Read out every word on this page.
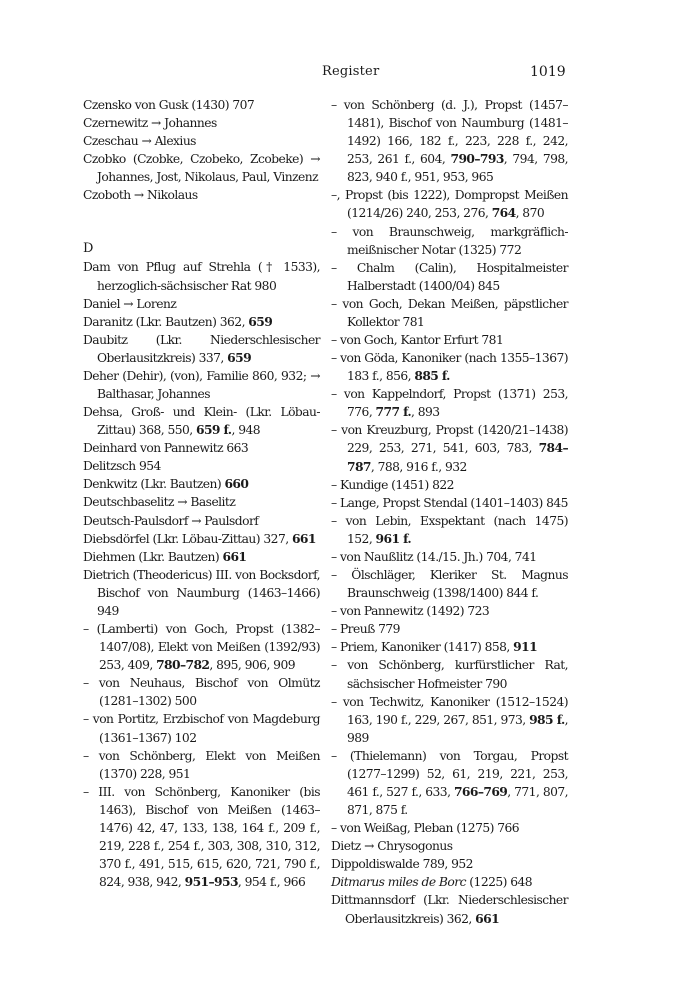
Register	1019
Czensko von Gusk (1430) 707
Czernewitz → Johannes
Czeschau → Alexius
Czobko (Czobke, Czobeko, Zcobeke) → Johannes, Jost, Nikolaus, Paul, Vinzenz
Czoboth → Nikolaus
D
Dam von Pflug auf Strehla († 1533), herzoglich-sächsischer Rat 980
Daniel → Lorenz
Daranitz (Lkr. Bautzen) 362, 659
Daubitz (Lkr. Niederschlesischer Oberlausitzkreis) 337, 659
Deher (Dehir), (von), Familie 860, 932; → Balthasar, Johannes
Dehsa, Groß- und Klein- (Lkr. Löbau-Zittau) 368, 550, 659 f., 948
Deinhard von Pannewitz 663
Delitzsch 954
Denkwitz (Lkr. Bautzen) 660
Deutschbaselitz → Baselitz
Deutsch-Paulsdorf → Paulsdorf
Diebsdörfel (Lkr. Löbau-Zittau) 327, 661
Diehmen (Lkr. Bautzen) 661
Dietrich (Theodericus) III. von Bocksdorf, Bischof von Naumburg (1463–1466) 949
– (Lamberti) von Goch, Propst (1382–1407/08), Elekt von Meißen (1392/93) 253, 409, 780–782, 895, 906, 909
– von Neuhaus, Bischof von Olmütz (1281–1302) 500
– von Portitz, Erzbischof von Magdeburg (1361–1367) 102
– von Schönberg, Elekt von Meißen (1370) 228, 951
– III. von Schönberg, Kanoniker (bis 1463), Bischof von Meißen (1463–1476) 42, 47, 133, 138, 164 f., 209 f., 219, 228 f., 254 f., 303, 308, 310, 312, 370 f., 491, 515, 615, 620, 721, 790 f., 824, 938, 942, 951–953, 954 f., 966
– von Schönberg (d. J.), Propst (1457–1481), Bischof von Naumburg (1481–1492) 166, 182 f., 223, 228 f., 242, 253, 261 f., 604, 790–793, 794, 798, 823, 940 f., 951, 953, 965
–, Propst (bis 1222), Dompropst Meißen (1214/26) 240, 253, 276, 764, 870
– von Braunschweig, markgräflich-meißnischer Notar (1325) 772
– Chalm (Calin), Hospitalmeister Halberstadt (1400/04) 845
– von Goch, Dekan Meißen, päpstlicher Kollektor 781
– von Goch, Kantor Erfurt 781
– von Göda, Kanoniker (nach 1355–1367) 183 f., 856, 885 f.
– von Kappelndorf, Propst (1371) 253, 776, 777 f., 893
– von Kreuzburg, Propst (1420/21–1438) 229, 253, 271, 541, 603, 783, 784–787, 788, 916 f., 932
– Kundige (1451) 822
– Lange, Propst Stendal (1401–1403) 845
– von Lebin, Exspektant (nach 1475) 152, 961 f.
– von Naußlitz (14./15. Jh.) 704, 741
– Ölschläger, Kleriker St. Magnus Braunschweig (1398/1400) 844 f.
– von Pannewitz (1492) 723
– Preuß 779
– Priem, Kanoniker (1417) 858, 911
– von Schönberg, kurfürstlicher Rat, sächsischer Hofmeister 790
– von Techwitz, Kanoniker (1512–1524) 163, 190 f., 229, 267, 851, 973, 985 f., 989
– (Thielemann) von Torgau, Propst (1277–1299) 52, 61, 219, 221, 253, 461 f., 527 f., 633, 766–769, 771, 807, 871, 875 f.
– von Weißag, Pleban (1275) 766
Dietz → Chrysogonus
Dippoldiswalde 789, 952
Ditmarus miles de Borc (1225) 648
Dittmannsdorf (Lkr. Niederschlesischer Oberlausitzkreis) 362, 661
